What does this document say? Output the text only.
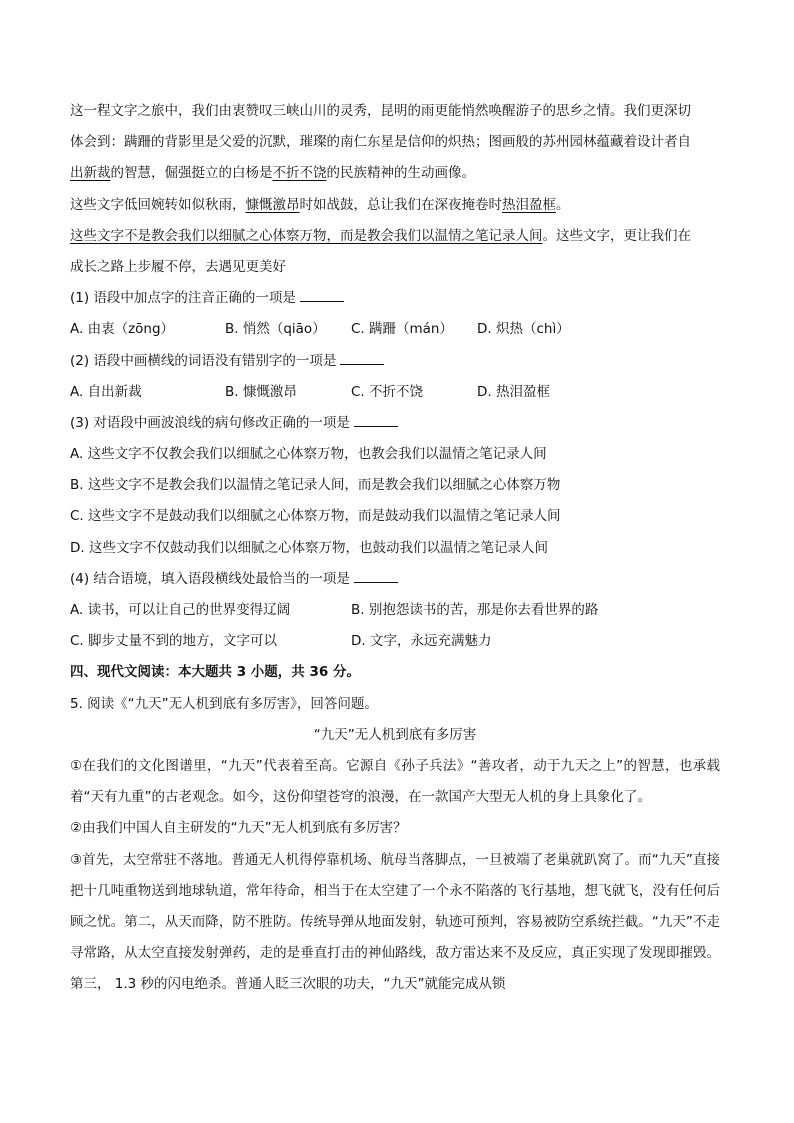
这一程文字之旅中，我们由衷赞叹三峡山川的灵秀，昆明的雨更能悄然唤醒游子的思乡之情。我们更深切
体会到：蹒跚的背影里是父爱的沉默，璀璨的南仁东星是信仰的炽热；图画般的苏州园林蕴藏着设计者自
出新裁的智慧，倔强挺立的白杨是不折不饶的民族精神的生动画像。
这些文字低回婉转如似秋雨，慷慨激昂时如战鼓，总让我们在深夜掩卷时热泪盈框。
这些文字不是教会我们以细腻之心体察万物，而是教会我们以温情之笔记录人间。这些文字，更让我们在
成长之路上步履不停，去遇见更美好
(1) 语段中加点字的注音正确的一项是
A. 由衷（zōng）	B. 悄然（qiāo）	C. 蹒跚（mán）	D. 炽热（chì）
(2) 语段中画横线的词语没有错别字的一项是
A. 自出新裁	B. 慷慨激昂	C. 不折不饶	D. 热泪盈框
(3) 对语段中画波浪线的病句修改正确的一项是
A. 这些文字不仅教会我们以细腻之心体察万物，也教会我们以温情之笔记录人间
B. 这些文字不是教会我们以温情之笔记录人间，而是教会我们以细腻之心体察万物
C. 这些文字不是鼓动我们以细腻之心体察万物，而是鼓动我们以温情之笔记录人间
D. 这些文字不仅鼓动我们以细腻之心体察万物，也鼓动我们以温情之笔记录人间
(4) 结合语境，填入语段横线处最恰当的一项是
A. 读书，可以让自己的世界变得辽阔	B. 别抱怨读书的苦，那是你去看世界的路
C. 脚步丈量不到的地方，文字可以	D. 文字，永远充满魅力
四、现代文阅读：本大题共 3 小题，共 36 分。
5. 阅读《“九天”无人机到底有多厉害》，回答问题。
“九天”无人机到底有多厉害
①在我们的文化图谱里，“九天”代表着至高。它源自《孙子兵法》“善攻者，动于九天之上”的智慧，也承载着“天有九重”的古老观念。如今，这份仰望苍穹的浪漫，在一款国产大型无人机的身上具象化了。
②由我们中国人自主研发的“九天”无人机到底有多厉害？
③首先，太空常驻不落地。普通无人机得停靠机场、航母当落脚点，一旦被端了老巢就趴窝了。而“九天”直接把十几吨重物送到地球轨道，常年待命，相当于在太空建了一个永不陷落的飞行基地，想飞就飞，没有任何后顾之忧。第二，从天而降，防不胜防。传统导弹从地面发射，轨迹可预判，容易被防空系统拦截。“九天”不走寻常路，从太空直接发射弹药，走的是垂直打击的神仙路线，敌方雷达来不及反应，真正实现了发现即摧毁。第三， 1.3 秒的闪电绝杀。普通人眨三次眼的功夫，“九天”就能完成从锁
